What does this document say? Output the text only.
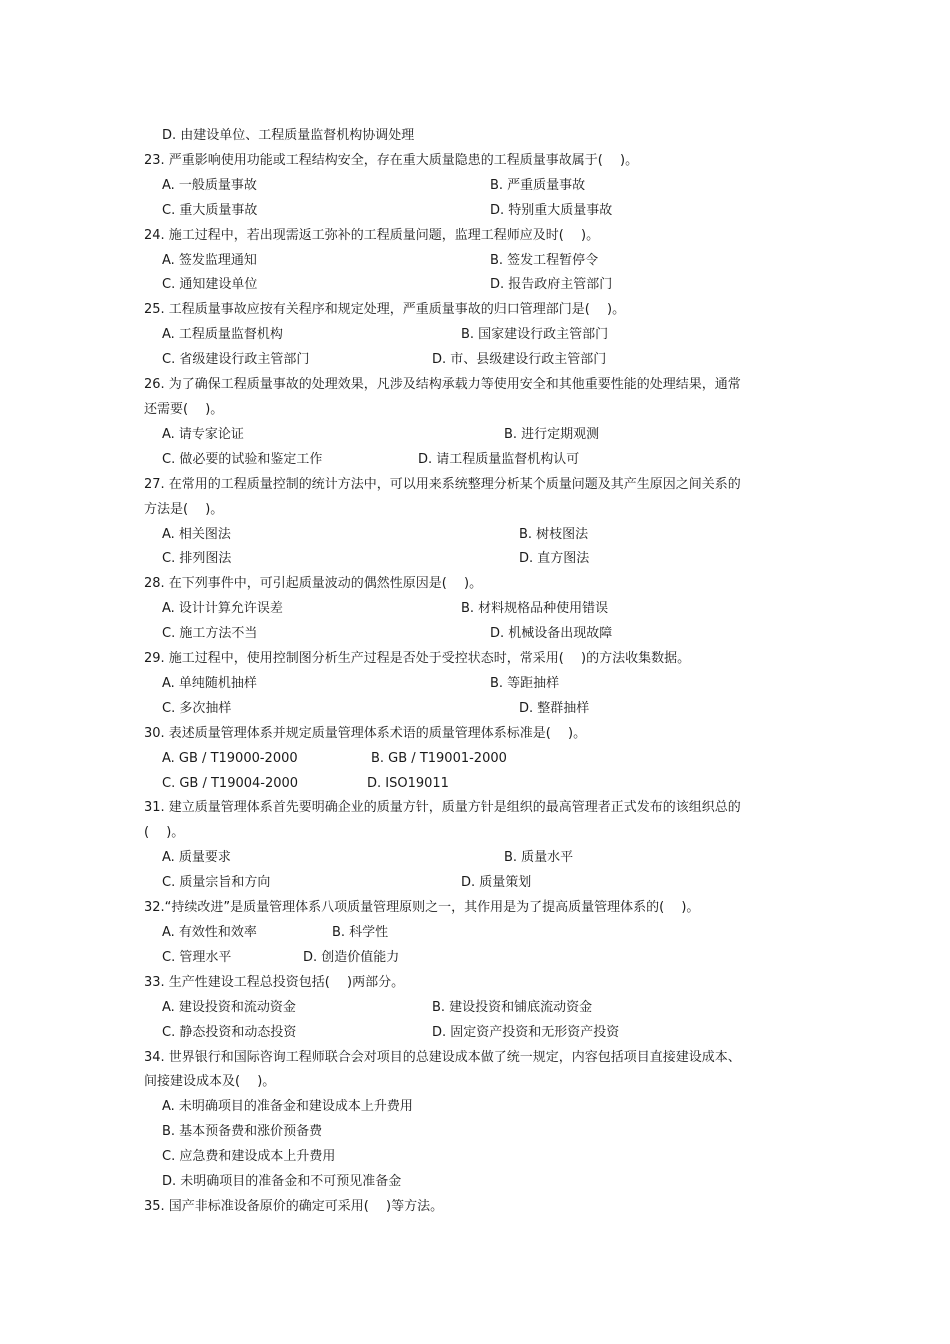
D. 由建设单位、工程质量监督机构协调处理
23. 严重影响使用功能或工程结构安全，存在重大质量隐患的工程质量事故属于(　 )。
A. 一般质量事故	B. 严重质量事故
C. 重大质量事故	D. 特别重大质量事故
24. 施工过程中，若出现需返工弥补的工程质量问题，监理工程师应及时(　 )。
A. 签发监理通知	B. 签发工程暂停令
C. 通知建设单位	D. 报告政府主管部门
25. 工程质量事故应按有关程序和规定处理，严重质量事故的归口管理部门是(　 )。
A. 工程质量监督机构	B. 国家建设行政主管部门
C. 省级建设行政主管部门	D. 市、县级建设行政主管部门
26. 为了确保工程质量事故的处理效果，凡涉及结构承载力等使用安全和其他重要性能的处理结果，通常
还需要(　 )。
A. 请专家论证	B. 进行定期观测
C. 做必要的试验和鉴定工作	D. 请工程质量监督机构认可
27. 在常用的工程质量控制的统计方法中，可以用来系统整理分析某个质量问题及其产生原因之间关系的
方法是(　 )。
A. 相关图法	B. 树枝图法
C. 排列图法	D. 直方图法
28. 在下列事件中，可引起质量波动的偶然性原因是(　 )。
A. 设计计算允许误差	B. 材料规格品种使用错误
C. 施工方法不当	D. 机械设备出现故障
29. 施工过程中，使用控制图分析生产过程是否处于受控状态时，常采用(　 )的方法收集数据。
A. 单纯随机抽样	B. 等距抽样
C. 多次抽样	D. 整群抽样
30. 表述质量管理体系并规定质量管理体系术语的质量管理体系标准是(　 )。
A. GB / T19000-2000	B. GB / T19001-2000
C. GB / T19004-2000	D. ISO19011
31. 建立质量管理体系首先要明确企业的质量方针，质量方针是组织的最高管理者正式发布的该组织总的
(　 )。
A. 质量要求	B. 质量水平
C. 质量宗旨和方向	D. 质量策划
32.“持续改进”是质量管理体系八项质量管理原则之一，其作用是为了提高质量管理体系的(　 )。
A. 有效性和效率	B. 科学性
C. 管理水平	D. 创造价值能力
33. 生产性建设工程总投资包括(　 )两部分。
A. 建设投资和流动资金	B. 建设投资和铺底流动资金
C. 静态投资和动态投资	D. 固定资产投资和无形资产投资
34. 世界银行和国际咨询工程师联合会对项目的总建设成本做了统一规定，内容包括项目直接建设成本、
间接建设成本及(　 )。
A. 未明确项目的准备金和建设成本上升费用
B. 基本预备费和涨价预备费
C. 应急费和建设成本上升费用
D. 未明确项目的准备金和不可预见准备金
35. 国产非标准设备原价的确定可采用(　 )等方法。
